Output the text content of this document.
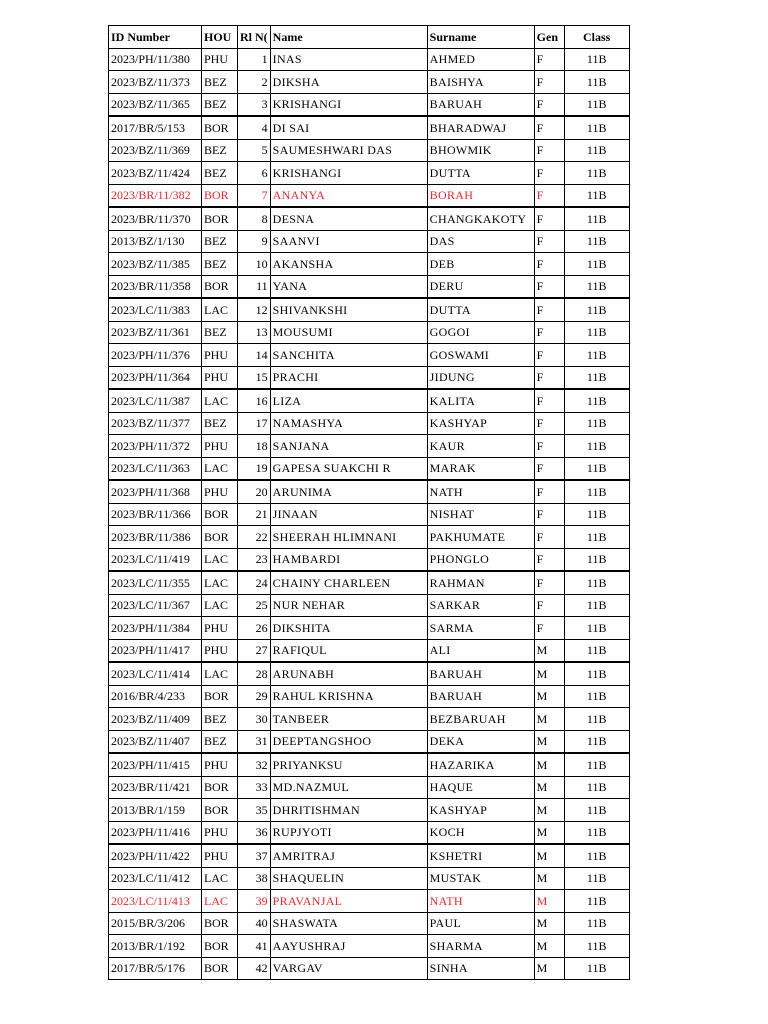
ID Number	HOU	Rl N(	Name	Surname	Gen	Class
2023/PH/11/380	PHU	1	INAS	AHMED	F	11B
2023/BZ/11/373	BEZ	2	DIKSHA	BAISHYA	F	11B
2023/BZ/11/365	BEZ	3	KRISHANGI	BARUAH	F	11B
2017/BR/5/153	BOR	4	DI SAI	BHARADWAJ	F	11B
2023/BZ/11/369	BEZ	5	SAUMESHWARI DAS	BHOWMIK	F	11B
2023/BZ/11/424	BEZ	6	KRISHANGI	DUTTA	F	11B
2023/BR/11/382	BOR	7	ANANYA	BORAH	F	11B
2023/BR/11/370	BOR	8	DESNA	CHANGKAKOTY	F	11B
2013/BZ/1/130	BEZ	9	SAANVI	DAS	F	11B
2023/BZ/11/385	BEZ	10	AKANSHA	DEB	F	11B
2023/BR/11/358	BOR	11	YANA	DERU	F	11B
2023/LC/11/383	LAC	12	SHIVANKSHI	DUTTA	F	11B
2023/BZ/11/361	BEZ	13	MOUSUMI	GOGOI	F	11B
2023/PH/11/376	PHU	14	SANCHITA	GOSWAMI	F	11B
2023/PH/11/364	PHU	15	PRACHI	JIDUNG	F	11B
2023/LC/11/387	LAC	16	LIZA	KALITA	F	11B
2023/BZ/11/377	BEZ	17	NAMASHYA	KASHYAP	F	11B
2023/PH/11/372	PHU	18	SANJANA	KAUR	F	11B
2023/LC/11/363	LAC	19	GAPESA SUAKCHI R	MARAK	F	11B
2023/PH/11/368	PHU	20	ARUNIMA	NATH	F	11B
2023/BR/11/366	BOR	21	JINAAN	NISHAT	F	11B
2023/BR/11/386	BOR	22	SHEERAH HLIMNANI	PAKHUMATE	F	11B
2023/LC/11/419	LAC	23	HAMBARDI	PHONGLO	F	11B
2023/LC/11/355	LAC	24	CHAINY CHARLEEN	RAHMAN	F	11B
2023/LC/11/367	LAC	25	NUR NEHAR	SARKAR	F	11B
2023/PH/11/384	PHU	26	DIKSHITA	SARMA	F	11B
2023/PH/11/417	PHU	27	RAFIQUL	ALI	M	11B
2023/LC/11/414	LAC	28	ARUNABH	BARUAH	M	11B
2016/BR/4/233	BOR	29	RAHUL KRISHNA	BARUAH	M	11B
2023/BZ/11/409	BEZ	30	TANBEER	BEZBARUAH	M	11B
2023/BZ/11/407	BEZ	31	DEEPTANGSHOO	DEKA	M	11B
2023/PH/11/415	PHU	32	PRIYANKSU	HAZARIKA	M	11B
2023/BR/11/421	BOR	33	MD.NAZMUL	HAQUE	M	11B
2013/BR/1/159	BOR	35	DHRITISHMAN	KASHYAP	M	11B
2023/PH/11/416	PHU	36	RUPJYOTI	KOCH	M	11B
2023/PH/11/422	PHU	37	AMRITRAJ	KSHETRI	M	11B
2023/LC/11/412	LAC	38	SHAQUELIN	MUSTAK	M	11B
2023/LC/11/413	LAC	39	PRAVANJAL	NATH	M	11B
2015/BR/3/206	BOR	40	SHASWATA	PAUL	M	11B
2013/BR/1/192	BOR	41	AAYUSHRAJ	SHARMA	M	11B
2017/BR/5/176	BOR	42	VARGAV	SINHA	M	11B
